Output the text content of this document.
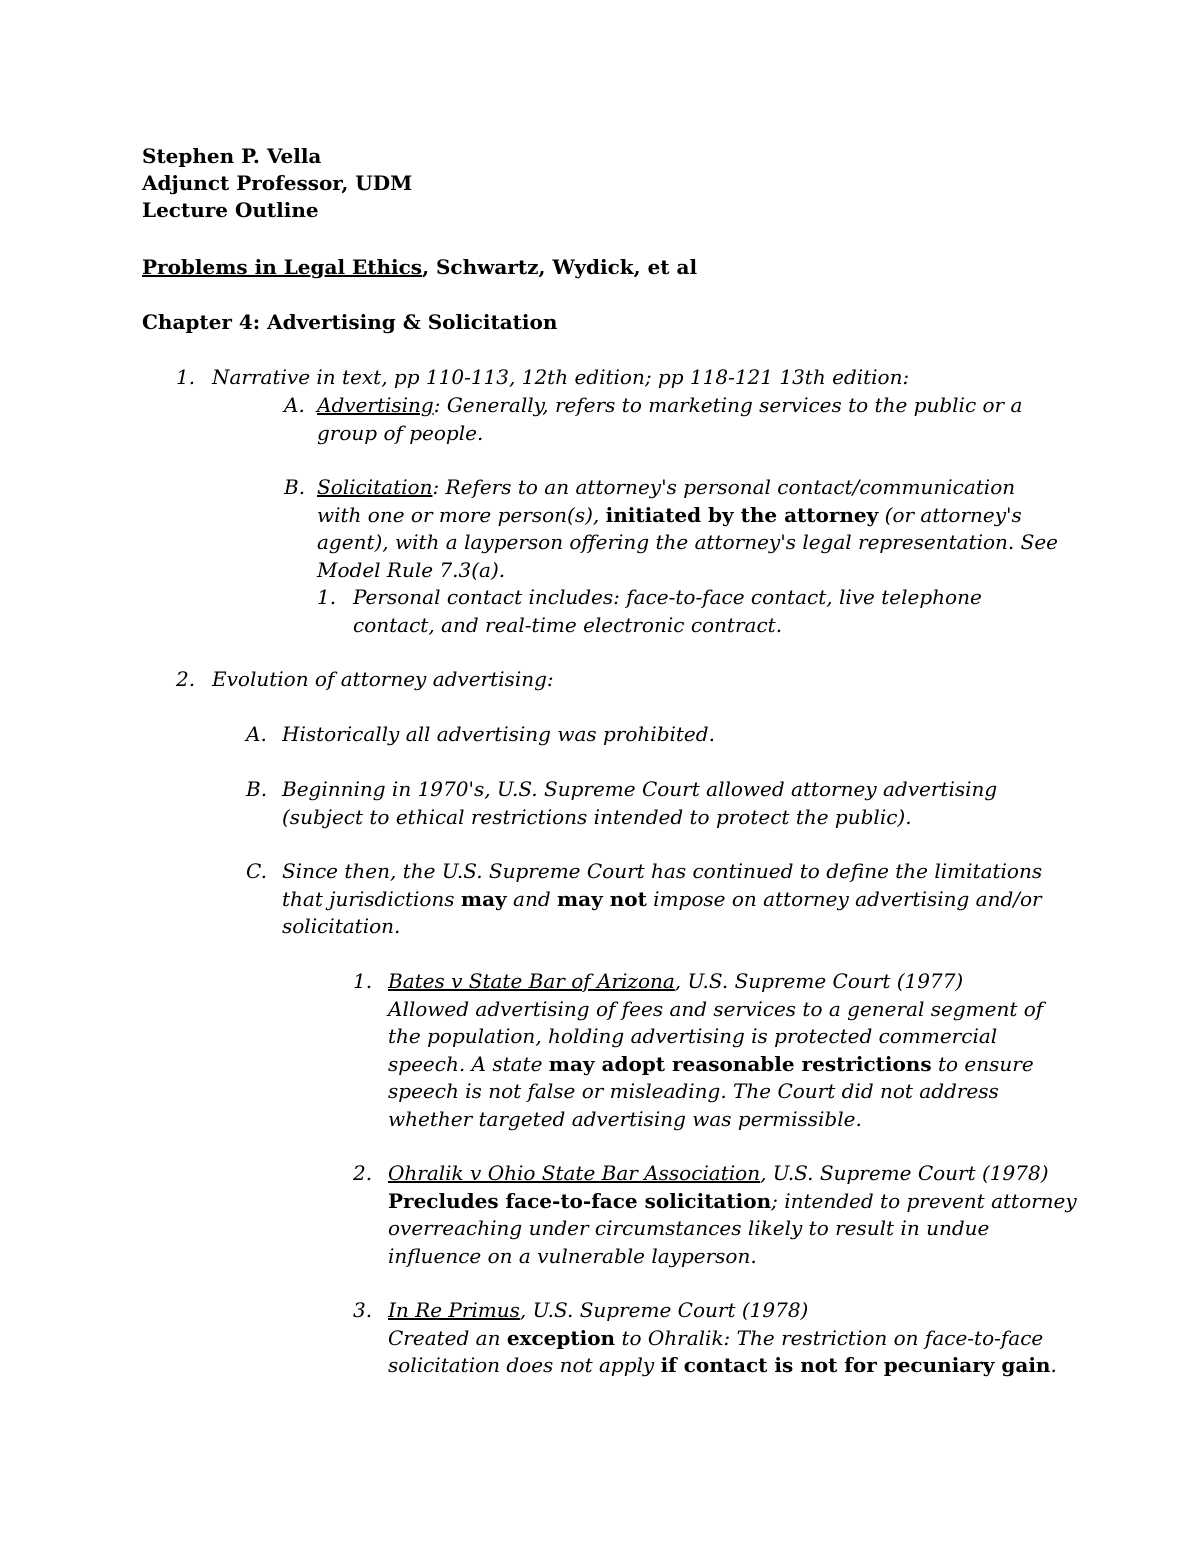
Stephen P. Vella
Adjunct Professor, UDM
Lecture Outline
Problems in Legal Ethics, Schwartz, Wydick, et al
Chapter 4: Advertising & Solicitation
1. Narrative in text, pp 110-113, 12th edition; pp 118-121 13th edition:
A. Advertising: Generally, refers to marketing services to the public or a group of people.
B. Solicitation: Refers to an attorney's personal contact/communication with one or more person(s), initiated by the attorney (or attorney's agent), with a layperson offering the attorney's legal representation. See Model Rule 7.3(a).
1. Personal contact includes: face-to-face contact, live telephone contact, and real-time electronic contract.
2. Evolution of attorney advertising:
A. Historically all advertising was prohibited.
B. Beginning in 1970's, U.S. Supreme Court allowed attorney advertising (subject to ethical restrictions intended to protect the public).
C. Since then, the U.S. Supreme Court has continued to define the limitations that jurisdictions may and may not impose on attorney advertising and/or solicitation.
1. Bates v State Bar of Arizona, U.S. Supreme Court (1977)
Allowed advertising of fees and services to a general segment of the population, holding advertising is protected commercial speech. A state may adopt reasonable restrictions to ensure speech is not false or misleading. The Court did not address whether targeted advertising was permissible.
2. Ohralik v Ohio State Bar Association, U.S. Supreme Court (1978)
Precludes face-to-face solicitation; intended to prevent attorney overreaching under circumstances likely to result in undue influence on a vulnerable layperson.
3. In Re Primus, U.S. Supreme Court (1978)
Created an exception to Ohralik: The restriction on face-to-face solicitation does not apply if contact is not for pecuniary gain.
